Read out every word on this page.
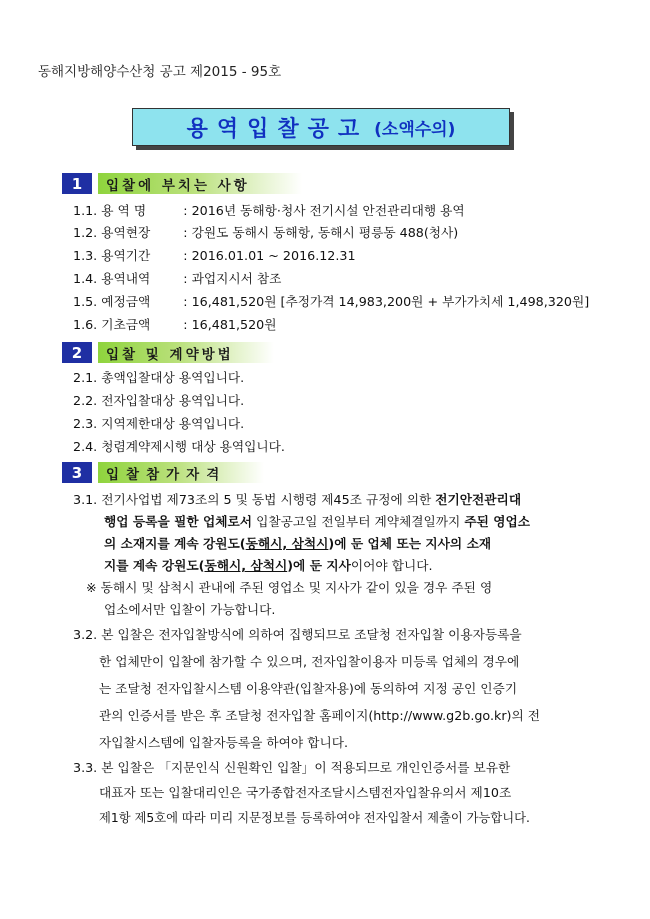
동해지방해양수산청 공고 제2015 - 95호
용역입찰공고 (소액수의)
1	입찰에 부치는 사항
1.1. 용 역 명	: 2016년 동해항·청사 전기시설 안전관리대행 용역
1.2. 용역현장	: 강원도 동해시 동해항, 동해시 평릉동 488(청사)
1.3. 용역기간	: 2016.01.01 ~ 2016.12.31
1.4. 용역내역	: 과업지시서 참조
1.5. 예정금액	: 16,481,520원 [추정가격 14,983,200원 + 부가가치세 1,498,320원]
1.6. 기초금액	: 16,481,520원
2	입찰 및 계약방법
2.1. 총액입찰대상 용역입니다.
2.2. 전자입찰대상 용역입니다.
2.3. 지역제한대상 용역입니다.
2.4. 청렴계약제시행 대상 용역입니다.
3	입찰참가자격
3.1. 전기사업법 제73조의 5 및 동법 시행령 제45조 규정에 의한 전기안전관리대
행업 등록을 필한 업체로서 입찰공고일 전일부터 계약체결일까지 주된 영업소
의 소재지를 계속 강원도(동해시, 삼척시)에 둔 업체 또는 지사의 소재
지를 계속 강원도(동해시, 삼척시)에 둔 지사이어야 합니다.
※ 동해시 및 삼척시 관내에 주된 영업소 및 지사가 같이 있을 경우 주된 영
업소에서만 입찰이 가능합니다.
3.2. 본 입찰은 전자입찰방식에 의하여 집행되므로 조달청 전자입찰 이용자등록을
한 업체만이 입찰에 참가할 수 있으며, 전자입찰이용자 미등록 업체의 경우에
는 조달청 전자입찰시스템 이용약관(입찰자용)에 동의하여 지정 공인 인증기
관의 인증서를 받은 후 조달청 전자입찰 홈페이지(http://www.g2b.go.kr)의 전
자입찰시스템에 입찰자등록을 하여야 합니다.
3.3. 본 입찰은 「지문인식 신원확인 입찰」이 적용되므로 개인인증서를 보유한
대표자 또는 입찰대리인은 국가종합전자조달시스템전자입찰유의서 제10조
제1항 제5호에 따라 미리 지문정보를 등록하여야 전자입찰서 제출이 가능합니다.
